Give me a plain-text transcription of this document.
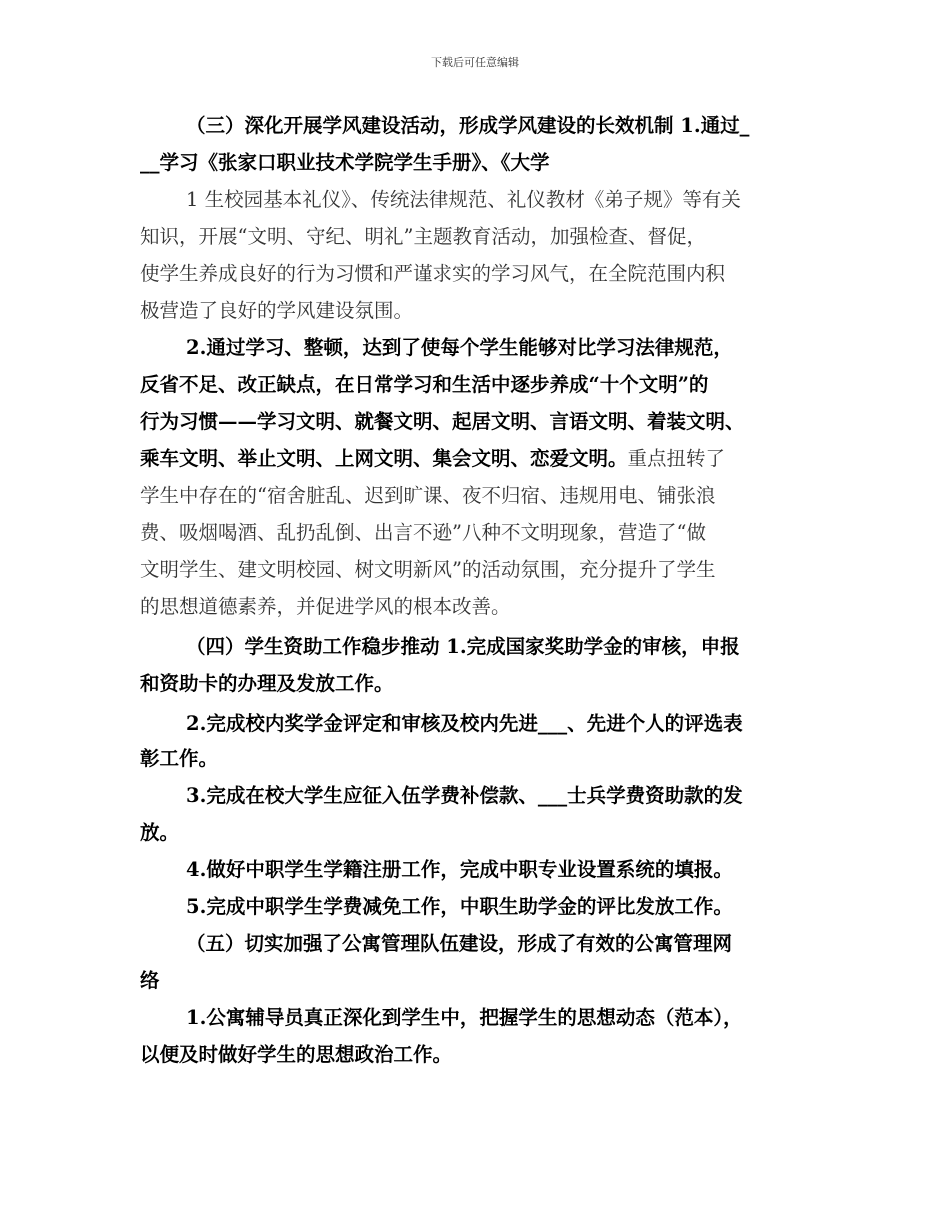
下载后可任意编辑
（三）深化开展学风建设活动，形成学风建设的长效机制 1.通过_
__学习《张家口职业技术学院学生手册》、《大学
1 生校园基本礼仪》、传统法律规范、礼仪教材《弟子规》等有关
知识，开展“文明、守纪、明礼”主题教育活动，加强检查、督促，
使学生养成良好的行为习惯和严谨求实的学习风气，在全院范围内积
极营造了良好的学风建设氛围。
2.通过学习、整顿，达到了使每个学生能够对比学习法律规范，
反省不足、改正缺点，在日常学习和生活中逐步养成“十个文明”的
行为习惯——学习文明、就餐文明、起居文明、言语文明、着装文明、
乘车文明、举止文明、上网文明、集会文明、恋爱文明。重点扭转了
学生中存在的“宿舍脏乱、迟到旷课、夜不归宿、违规用电、铺张浪
费、吸烟喝酒、乱扔乱倒、出言不逊”八种不文明现象，营造了“做
文明学生、建文明校园、树文明新风”的活动氛围，充分提升了学生
的思想道德素养，并促进学风的根本改善。
（四）学生资助工作稳步推动 1.完成国家奖助学金的审核，申报
和资助卡的办理及发放工作。
2.完成校内奖学金评定和审核及校内先进___、先进个人的评选表
彰工作。
3.完成在校大学生应征入伍学费补偿款、___士兵学费资助款的发
放。
4.做好中职学生学籍注册工作，完成中职专业设置系统的填报。
5.完成中职学生学费减免工作，中职生助学金的评比发放工作。
（五）切实加强了公寓管理队伍建设，形成了有效的公寓管理网
络
1.公寓辅导员真正深化到学生中，把握学生的思想动态（范本），
以便及时做好学生的思想政治工作。
